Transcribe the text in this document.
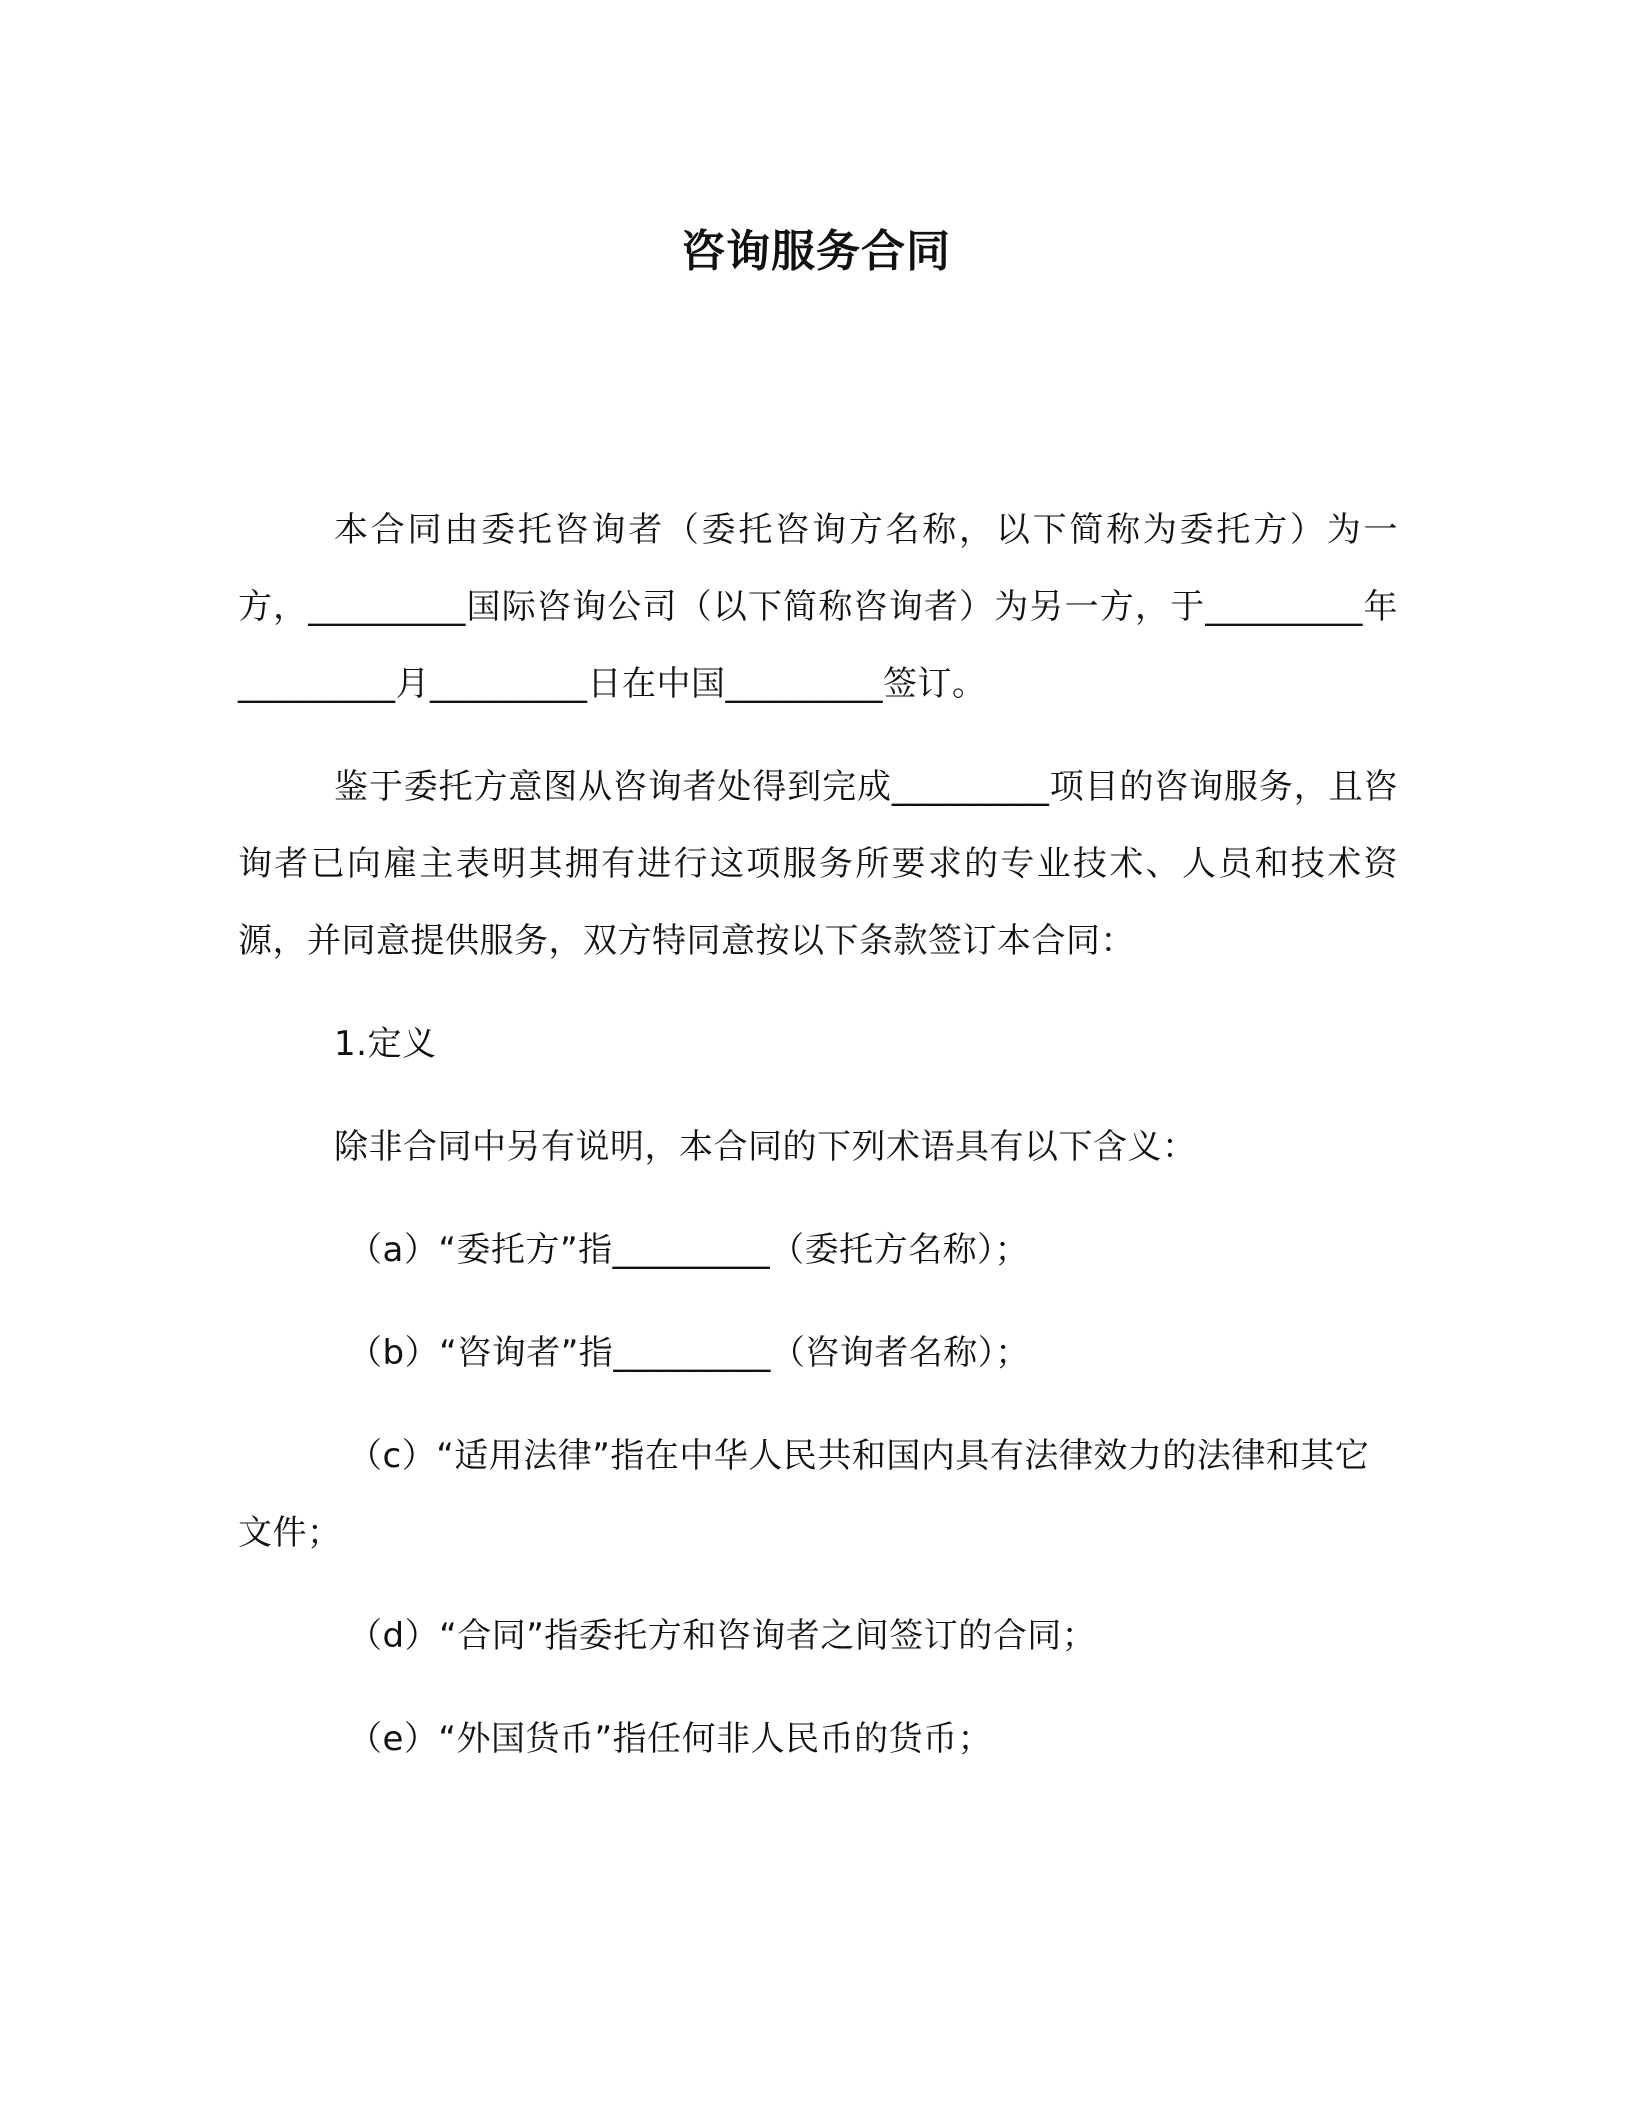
咨询服务合同

本合同由委托咨询者（委托咨询方名称，以下简称为委托方）为一方，_________国际咨询公司（以下简称咨询者）为另一方，于_________年_________月_________日在中国_________签订。

鉴于委托方意图从咨询者处得到完成_________项目的咨询服务，且咨询者已向雇主表明其拥有进行这项服务所要求的专业技术、人员和技术资源，并同意提供服务，双方特同意按以下条款签订本合同：

1.定义

除非合同中另有说明，本合同的下列术语具有以下含义：

（a）“委托方”指_________（委托方名称）；

（b）“咨询者”指_________（咨询者名称）；

（c）“适用法律”指在中华人民共和国内具有法律效力的法律和其它文件；

（d）“合同”指委托方和咨询者之间签订的合同；

（e）“外国货币”指任何非人民币的货币；
